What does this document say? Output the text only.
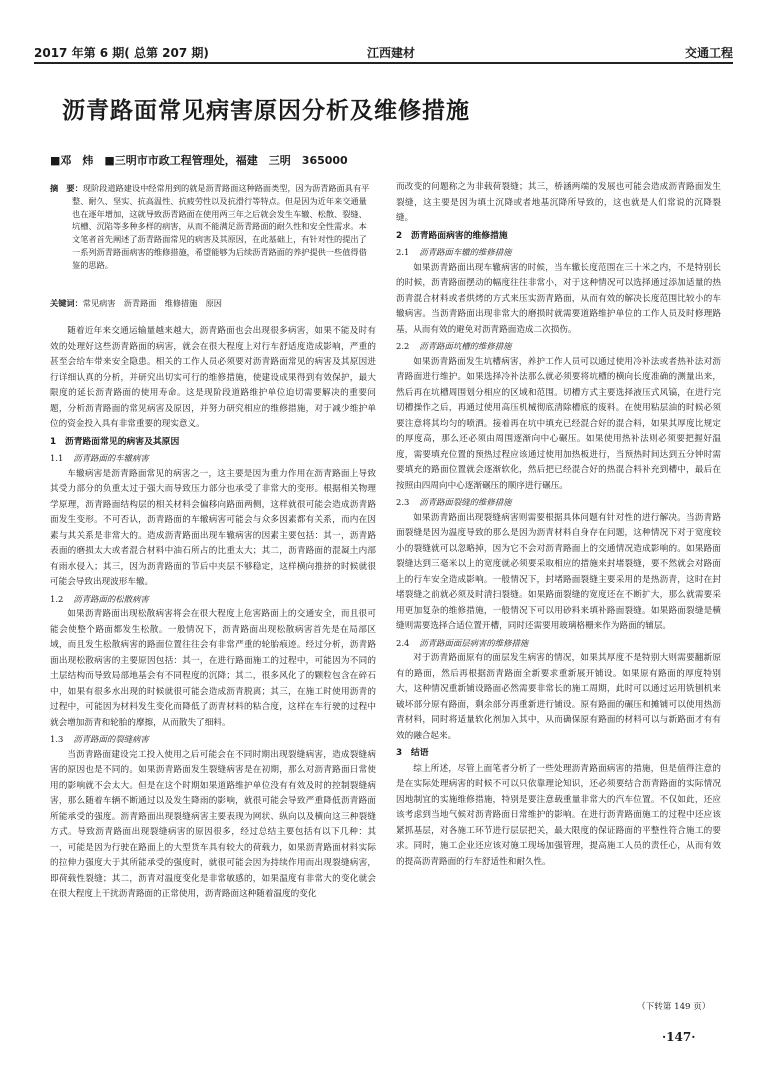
2017 年第 6 期( 总第 207 期)	江西建材	交通工程
沥青路面常见病害原因分析及维修措施
■邓　炜　■三明市市政工程管理处，福建　三明　365000

摘　要：现阶段道路建设中经常用到的就是沥青路面这种路面类型，因为沥青路面具有平整、耐久、坚实、抗高温性、抗疲劳性以及抗滑行等特点。但是因为近年来交通量也在逐年增加，这就导致沥青路面在使用两三年之后就会发生车辙、松散、裂缝、坑槽、沉陷等多种多样的病害，从而不能满足沥青路面的耐久性和安全性需求。本文笔者首先阐述了沥青路面常见的病害及其原因，在此基础上，有针对性的提出了一系列沥青路面病害的维修措施，希望能够为后续沥青路面的养护提供一些值得借鉴的思路。

关键词：常见病害　沥青路面　维修措施　原因

随着近年来交通运输量越来越大，沥青路面也会出现很多病害，如果不能及时有效的处理好这些沥青路面的病害，就会在很大程度上对行车舒适度造成影响，严重的甚至会给车带来安全隐患。相关的工作人员必须要对沥青路面常见的病害及其原因进行详细认真的分析，并研究出切实可行的维修措施，使建设成果得到有效保护，最大限度的延长沥青路面的使用寿命。这是现阶段道路维护单位迫切需要解决的重要问题，分析沥青路面的常见病害及原因，并努力研究相应的维修措施，对于减少维护单位的资金投入具有非常重要的现实意义。

1　沥青路面常见的病害及其原因
1.1 沥青路面的车辙病害

车辙病害是沥青路面常见的病害之一，这主要是因为重力作用在沥青路面上导致其受力部分的负重太过于强大而导致压力部分也承受了非常大的变形。根据相关物理学原理，沥青路面结构层的相关材料会偏移向路面两侧，这样就很可能会造成沥青路面发生变形。不可否认，沥青路面的车辙病害可能会与众多因素都有关系，而内在因素与其关系是非常大的。造成沥青路面出现车辙病害的因素主要包括：其一，沥青路表面的磨损太大或者混合材料中油石所占的比重太大；其二，沥青路面的混凝土内部有雨水侵入；其三，因为沥青路面的节后中夹层不够稳定，这样横向推挤的时候就很可能会导致出现波形车辙。

1.2 沥青路面的松散病害

如果沥青路面出现松散病害将会在很大程度上危害路面上的交通安全，而且很可能会使整个路面都发生松散。一般情况下，沥青路面出现松散病害首先是在局部区域，而且发生松散病害的路面位置往往会有非常严重的轮胎痕迹。经过分析，沥青路面出现松散病害的主要原因包括：其一，在进行路面施工的过程中，可能因为不同的土层结构而导致局部地基会有不同程度的沉降；其二，很多风化了的颗粒包含在碎石中，如果有很多水出现的时候就很可能会造成沥青脱离；其三，在施工时使用沥青的过程中，可能因为材料发生变化而降低了沥青材料的粘合度，这样在车行驶的过程中就会增加沥青和轮胎的摩擦，从而散失了细料。

1.3 沥青路面的裂缝病害

当沥青路面建设完工投入使用之后可能会在不同时期出现裂缝病害，造成裂缝病害的原因也是不同的。如果沥青路面发生裂缝病害是在初期，那么对沥青路面日常使用的影响就不会太大。但是在这个时期如果道路维护单位没有有效及时的控制裂缝病害，那么随着车辆不断通过以及发生降雨的影响，就很可能会导致严重降低沥青路面所能承受的强度。沥青路面出现裂缝病害主要表现为网状、纵向以及横向这三种裂缝方式。导致沥青路面出现裂缝病害的原因很多，经过总结主要包括有以下几种：其一，可能是因为行驶在路面上的大型货车具有较大的荷载力，如果沥青路面材料实际的拉伸力强度大于其所能承受的强度时，就很可能会因为持续作用而出现裂缝病害，即荷载性裂缝；其二，沥青对温度变化是非常敏感的，如果温度有非常大的变化就会在很大程度上干扰沥青路面的正常使用，沥青路面这种随着温度的变化

而改变的问题称之为非载荷裂缝；其三，桥涵两端的发展也可能会造成沥青路面发生裂缝，这主要是因为填土沉降或者地基沉降所导致的，这也就是人们常说的沉降裂缝。

2　沥青路面病害的维修措施
2.1 沥青路面车辙的维修措施

如果沥青路面出现车辙病害的时候，当车辙长度范围在三十米之内，不是特别长的时候，沥青路面摆动的幅度往往非常小，对于这种情况可以选择通过添加适量的热沥青混合材料或者烘烤的方式来压实沥青路面，从而有效的解决长度范围比较小的车辙病害。当沥青路面出现非常大的磨损时就需要道路维护单位的工作人员及时修理路基，从而有效的避免对沥青路面造成二次损伤。

2.2 沥青路面坑槽的维修措施

如果沥青路面发生坑槽病害，养护工作人员可以通过使用冷补法或者热补法对沥青路面进行维护。如果选择冷补法那么就必须要将坑槽的横向长度准确的测量出来，然后再在坑槽周围划分相应的区域和范围。切槽方式主要选择液压式风镐，在进行完切槽操作之后，再通过使用高压机械彻底清除槽底的废料。在使用粘层油的时候必须要注意将其均匀的喷洒。接着再在坑中填充已经混合好的混合料，如果其厚度比规定的厚度高，那么还必须由周围逐渐向中心碾压。如果使用热补法则必须要把握好温度，需要填充位置的预热过程应该通过使用加热板进行，当预热时间达到五分钟时需要填充的路面位置就会逐渐软化，然后把已经混合好的热混合料补充到槽中，最后在按照由四周向中心逐渐碾压的顺序进行碾压。

2.3 沥青路面裂缝的维修措施

如果沥青路面出现裂缝病害则需要根据具体问题有针对性的进行解决。当沥青路面裂缝是因为温度导致的那么是因为沥青材料自身存在问题，这种情况下对于宽度较小的裂缝就可以忽略掉，因为它不会对沥青路面上的交通情况造成影响的。如果路面裂缝达到三毫米以上的宽度就必须要采取相应的措施来封堵裂缝，要不然就会对路面上的行车安全造成影响。一般情况下，封堵路面裂缝主要采用的是热沥青，这时在封堵裂缝之前就必须及时清扫裂缝。如果路面裂缝的宽度还在不断扩大，那么就需要采用更加复杂的维修措施，一般情况下可以用砂料来填补路面裂缝。如果路面裂缝是横缝则需要选择合适位置开槽，同时还需要用玻璃格栅来作为路面的辅层。

2.4 沥青路面面层病害的维修措施

对于沥青路面原有的面层发生病害的情况，如果其厚度不是特别大则需要翻新原有的路面，然后再根据沥青路面全新要求重新展开铺设。如果原有路面的厚度特别大，这种情况重新铺设路面必然需要非常长的施工周期，此时可以通过运用铣刨机来破坏部分原有路面，剩余部分再重新进行铺设。原有路面的碾压和摊铺可以使用热沥青材料，同时将适量软化剂加入其中，从而确保原有路面的材料可以与新路面才有有效的融合起来。

3　结语

综上所述，尽管上面笔者分析了一些处理沥青路面病害的措施，但是值得注意的是在实际处理病害的时候不可以只依靠理论知识，还必须要结合沥青路面的实际情况因地制宜的实施维修措施，特别是要注意载重量非常大的汽车位置。不仅如此，还应该考虑到当地气候对沥青路面日常维护的影响。在进行沥青路面施工的过程中还应该紧抓基层，对各施工环节进行层层把关，最大限度的保证路面的平整性符合施工的要求。同时，施工企业还应该对施工现场加强管理，提高施工人员的责任心，从而有效的提高沥青路面的行车舒适性和耐久性。

（下转第 149 页）
·147·
